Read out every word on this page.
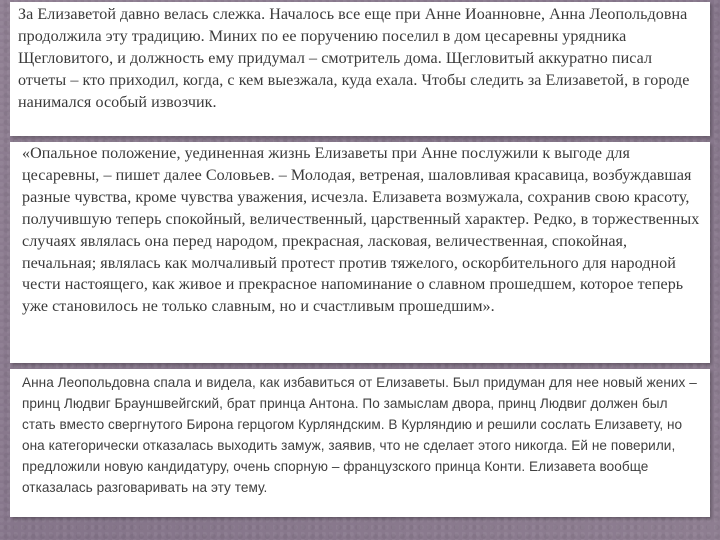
За Елизаветой давно велась слежка. Началось все еще при Анне Иоанновне, Анна Леопольдовна продолжила эту традицию. Миних по ее поручению поселил в дом цесаревны урядника Щегловитого, и должность ему придумал – смотритель дома. Щегловитый аккуратно писал отчеты – кто приходил, когда, с кем выезжала, куда ехала. Чтобы следить за Елизаветой, в городе нанимался особый извозчик.

«Опальное положение, уединенная жизнь Елизаветы при Анне послужили к выгоде для цесаревны, – пишет далее Соловьев. – Молодая, ветреная, шаловливая красавица, возбуждавшая разные чувства, кроме чувства уважения, исчезла. Елизавета возмужала, сохранив свою красоту, получившую теперь спокойный, величественный, царственный характер. Редко, в торжественных случаях являлась она перед народом, прекрасная, ласковая, величественная, спокойная, печальная; являлась как молчаливый протест против тяжелого, оскорбительного для народной чести настоящего, как живое и прекрасное напоминание о славном прошедшем, которое теперь уже становилось не только славным, но и счастливым прошедшим».

Анна Леопольдовна спала и видела, как избавиться от Елизаветы. Был придуман для нее новый жених – принц Людвиг Брауншвейгский, брат принца Антона. По замыслам двора, принц Людвиг должен был стать вместо свергнутого Бирона герцогом Курляндским. В Курляндию и решили сослать Елизавету, но она категорически отказалась выходить замуж, заявив, что не сделает этого никогда. Ей не поверили, предложили новую кандидатуру, очень спорную – французского принца Конти. Елизавета вообще отказалась разговаривать на эту тему.
